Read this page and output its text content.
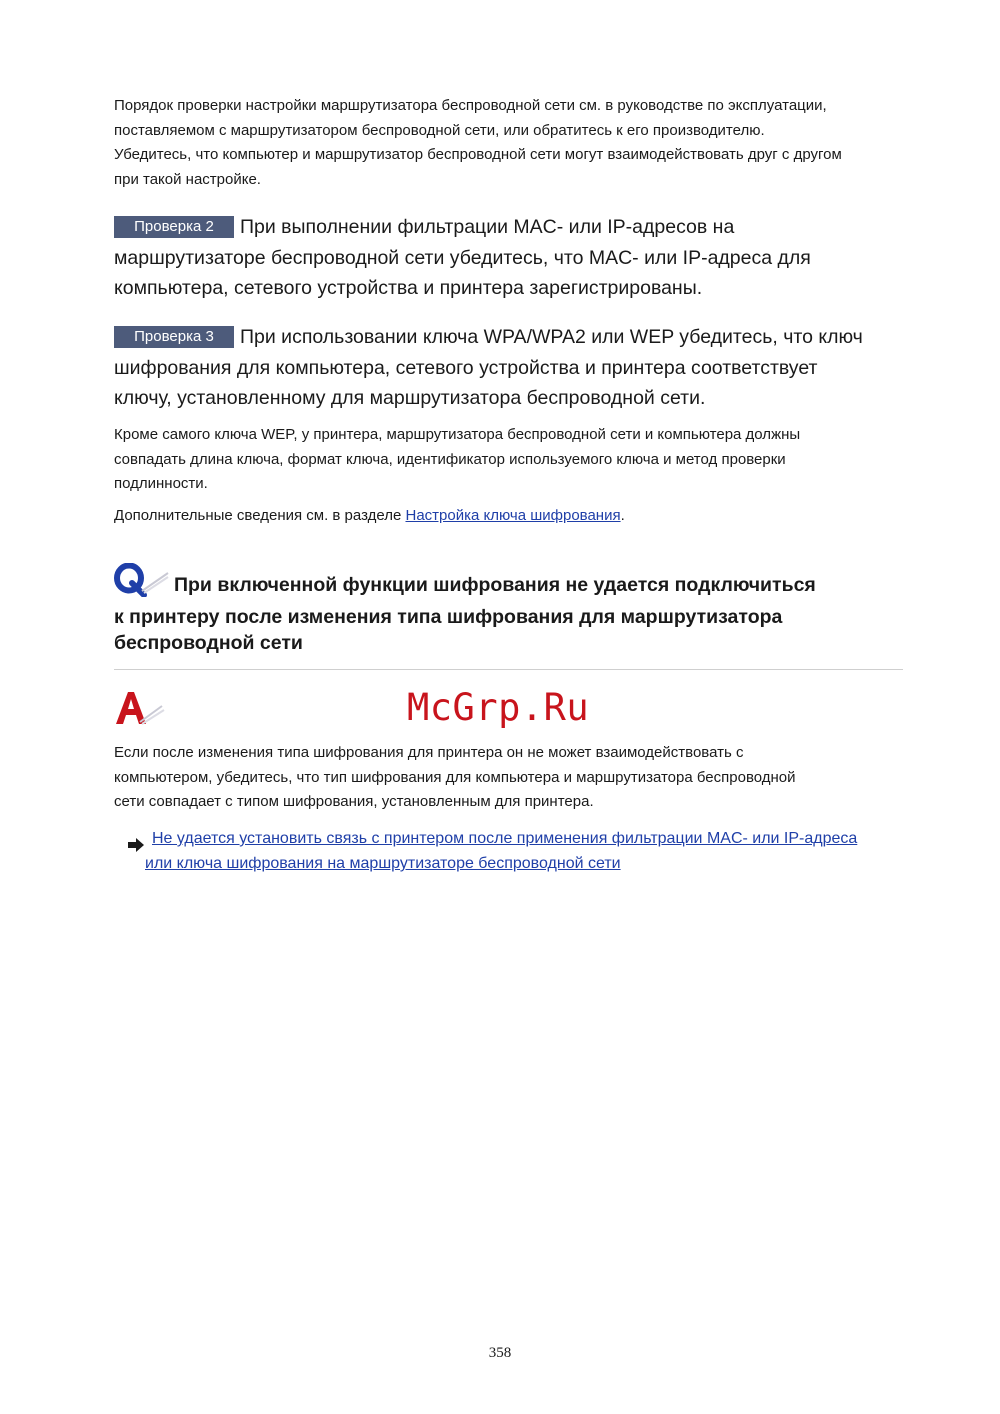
Порядок проверки настройки маршрутизатора беспроводной сети см. в руководстве по эксплуатации,
поставляемом с маршрутизатором беспроводной сети, или обратитесь к его производителю.
Убедитесь, что компьютер и маршрутизатор беспроводной сети могут взаимодействовать друг с другом
при такой настройке.

Проверка 2 При выполнении фильтрации MAC- или IP-адресов на
маршрутизаторе беспроводной сети убедитесь, что MAC- или IP-адреса для
компьютера, сетевого устройства и принтера зарегистрированы.

Проверка 3 При использовании ключа WPA/WPA2 или WEP убедитесь, что ключ
шифрования для компьютера, сетевого устройства и принтера соответствует
ключу, установленному для маршрутизатора беспроводной сети.

Кроме самого ключа WEP, у принтера, маршрутизатора беспроводной сети и компьютера должны
совпадать длина ключа, формат ключа, идентификатор используемого ключа и метод проверки
подлинности.

Дополнительные сведения см. в разделе Настройка ключа шифрования.

При включенной функции шифрования не удается подключиться
к принтеру после изменения типа шифрования для маршрутизатора
беспроводной сети

McGrp.Ru

Если после изменения типа шифрования для принтера он не может взаимодействовать с
компьютером, убедитесь, что тип шифрования для компьютера и маршрутизатора беспроводной
сети совпадает с типом шифрования, установленным для принтера.

Не удается установить связь с принтером после применения фильтрации MAC- или IP-адреса
или ключа шифрования на маршрутизаторе беспроводной сети

358
